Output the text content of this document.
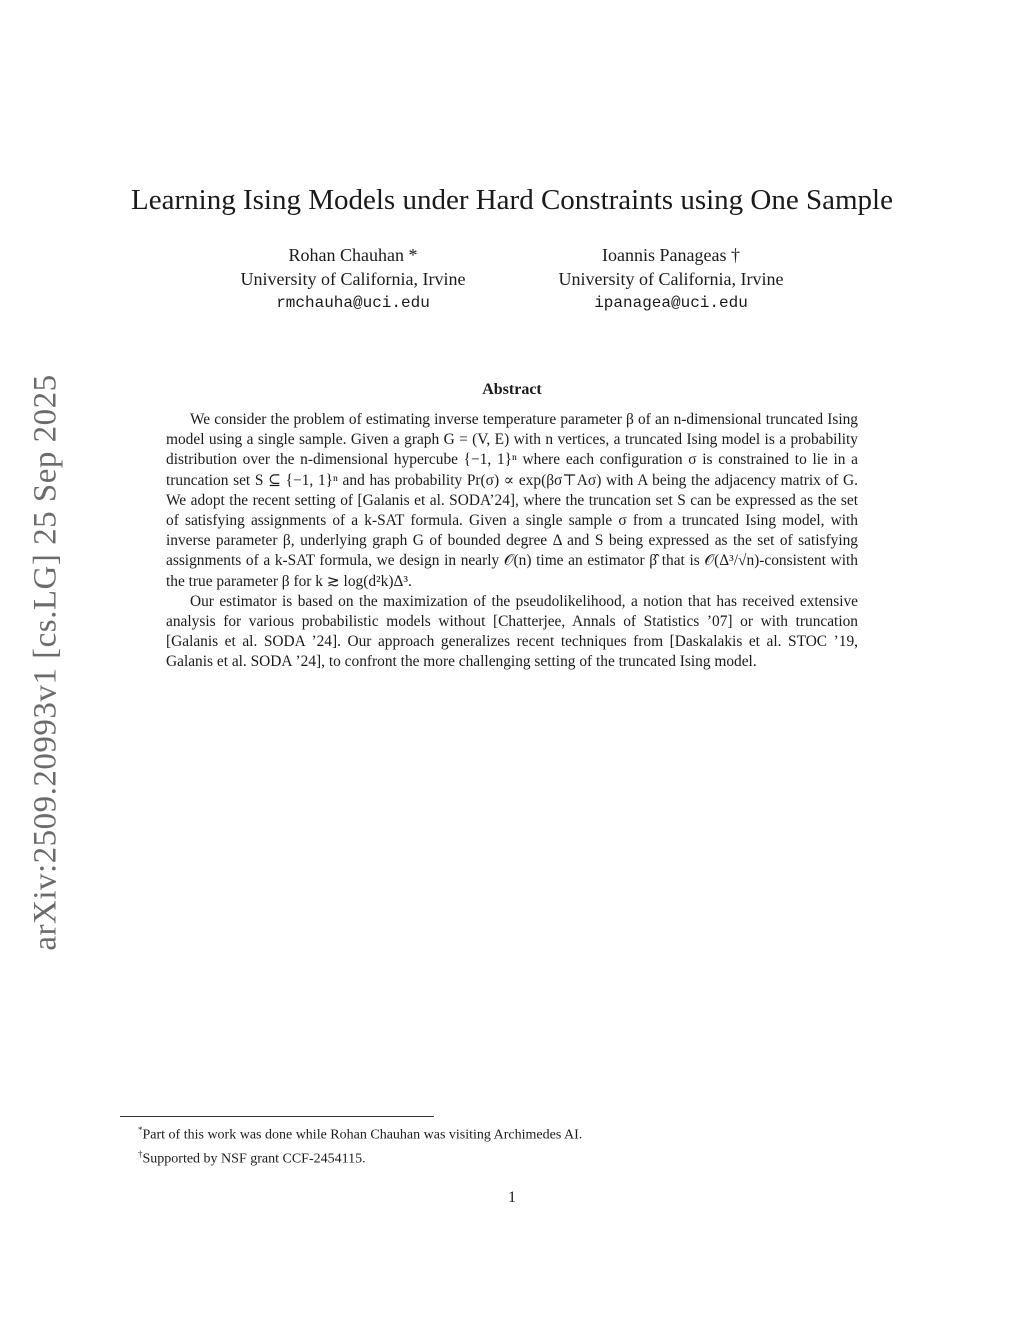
arXiv:2509.20993v1 [cs.LG] 25 Sep 2025
Learning Ising Models under Hard Constraints using One Sample
Rohan Chauhan *
University of California, Irvine
rmchauha@uci.edu
Ioannis Panageas †
University of California, Irvine
ipanagea@uci.edu
Abstract

We consider the problem of estimating inverse temperature parameter β of an n-dimensional truncated Ising model using a single sample. Given a graph G = (V, E) with n vertices, a truncated Ising model is a probability distribution over the n-dimensional hypercube {−1, 1}ⁿ where each configuration σ is constrained to lie in a truncation set S ⊆ {−1, 1}ⁿ and has probability Pr(σ) ∝ exp(βσ⊤Aσ) with A being the adjacency matrix of G. We adopt the recent setting of [Galanis et al. SODA’24], where the truncation set S can be expressed as the set of satisfying assignments of a k-SAT formula. Given a single sample σ from a truncated Ising model, with inverse parameter β, underlying graph G of bounded degree Δ and S being expressed as the set of satisfying assignments of a k-SAT formula, we design in nearly 𝒪(n) time an estimator β̂ that is 𝒪(Δ³/√n)-consistent with the true parameter β for k ≳ log(d²k)Δ³.

Our estimator is based on the maximization of the pseudolikelihood, a notion that has received extensive analysis for various probabilistic models without [Chatterjee, Annals of Statistics ’07] or with truncation [Galanis et al. SODA ’24]. Our approach generalizes recent techniques from [Daskalakis et al. STOC ’19, Galanis et al. SODA ’24], to confront the more challenging setting of the truncated Ising model.

*Part of this work was done while Rohan Chauhan was visiting Archimedes AI.
†Supported by NSF grant CCF-2454115.
1
